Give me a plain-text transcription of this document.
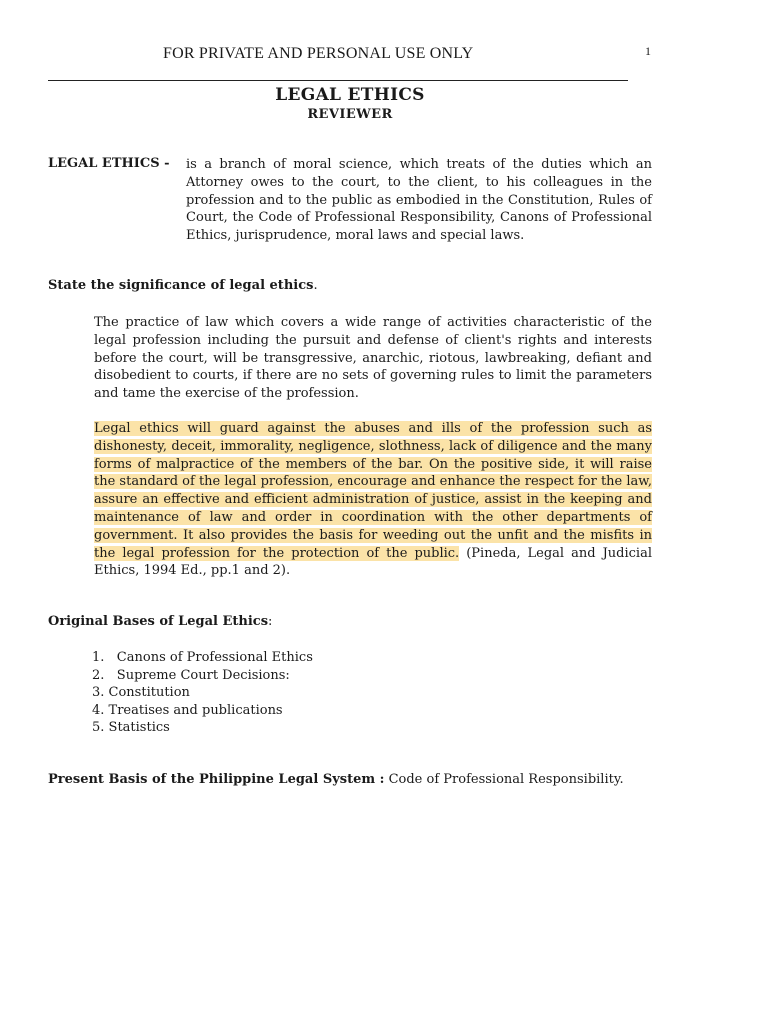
FOR PRIVATE AND PERSONAL USE ONLY	1
LEGAL ETHICS
REVIEWER
LEGAL ETHICS - is a branch of moral science, which treats of the duties which an Attorney owes to the court, to the client, to his colleagues in the profession and to the public as embodied in the Constitution, Rules of Court, the Code of Professional Responsibility, Canons of Professional Ethics, jurisprudence, moral laws and special laws.
State the significance of legal ethics.
The practice of law which covers a wide range of activities characteristic of the legal profession including the pursuit and defense of client's rights and interests before the court, will be transgressive, anarchic, riotous, lawbreaking, defiant and disobedient to courts, if there are no sets of governing rules to limit the parameters and tame the exercise of the profession.
Legal ethics will guard against the abuses and ills of the profession such as dishonesty, deceit, immorality, negligence, slothness, lack of diligence and the many forms of malpractice of the members of the bar. On the positive side, it will raise the standard of the legal profession, encourage and enhance the respect for the law, assure an effective and efficient administration of justice, assist in the keeping and maintenance of law and order in coordination with the other departments of government. It also provides the basis for weeding out the unfit and the misfits in the legal profession for the protection of the public. (Pineda, Legal and Judicial Ethics, 1994 Ed., pp.1 and 2).
Original Bases of Legal Ethics:
1.   Canons of Professional Ethics
2.   Supreme Court Decisions:
3. Constitution
4. Treatises and publications
5. Statistics
Present Basis of the Philippine Legal System : Code of Professional Responsibility.
